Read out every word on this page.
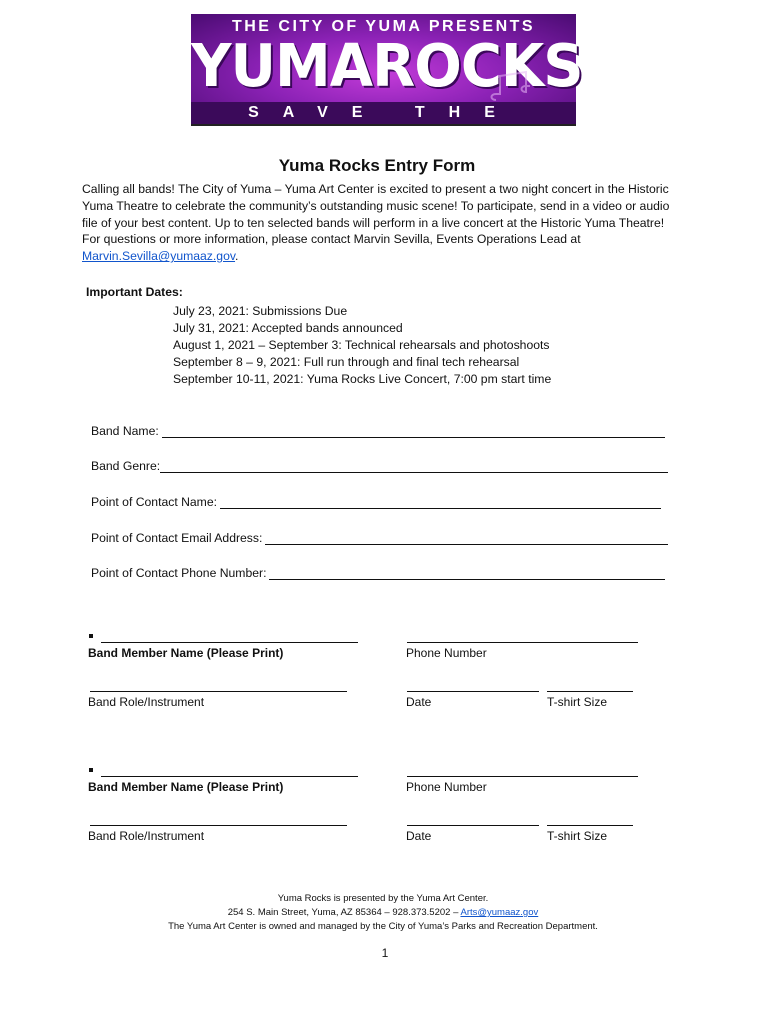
THE CITY OF YUMA PRESENTS
YUMAROCKS
SAVE THE MUSIC
Yuma Rocks Entry Form
Calling all bands! The City of Yuma – Yuma Art Center is excited to present a two night concert in the Historic Yuma Theatre to celebrate the community’s outstanding music scene! To participate, send in a video or audio file of your best content. Up to ten selected bands will perform in a live concert at the Historic Yuma Theatre! For questions or more information, please contact Marvin Sevilla, Events Operations Lead at Marvin.Sevilla@yumaaz.gov.
Important Dates:
July 23, 2021: Submissions Due
July 31, 2021: Accepted bands announced
August 1, 2021 – September 3: Technical rehearsals and photoshoots
September 8 – 9, 2021: Full run through and final tech rehearsal
September 10-11, 2021: Yuma Rocks Live Concert, 7:00 pm start time
Band Name:
Band Genre:
Point of Contact Name:
Point of Contact Email Address:
Point of Contact Phone Number:
Band Member Name (Please Print)	Phone Number
Band Role/Instrument	Date	T-shirt Size
Band Member Name (Please Print)	Phone Number
Band Role/Instrument	Date	T-shirt Size
Yuma Rocks is presented by the Yuma Art Center.
254 S. Main Street, Yuma, AZ 85364 – 928.373.5202 – Arts@yumaaz.gov
The Yuma Art Center is owned and managed by the City of Yuma’s Parks and Recreation Department.
1
